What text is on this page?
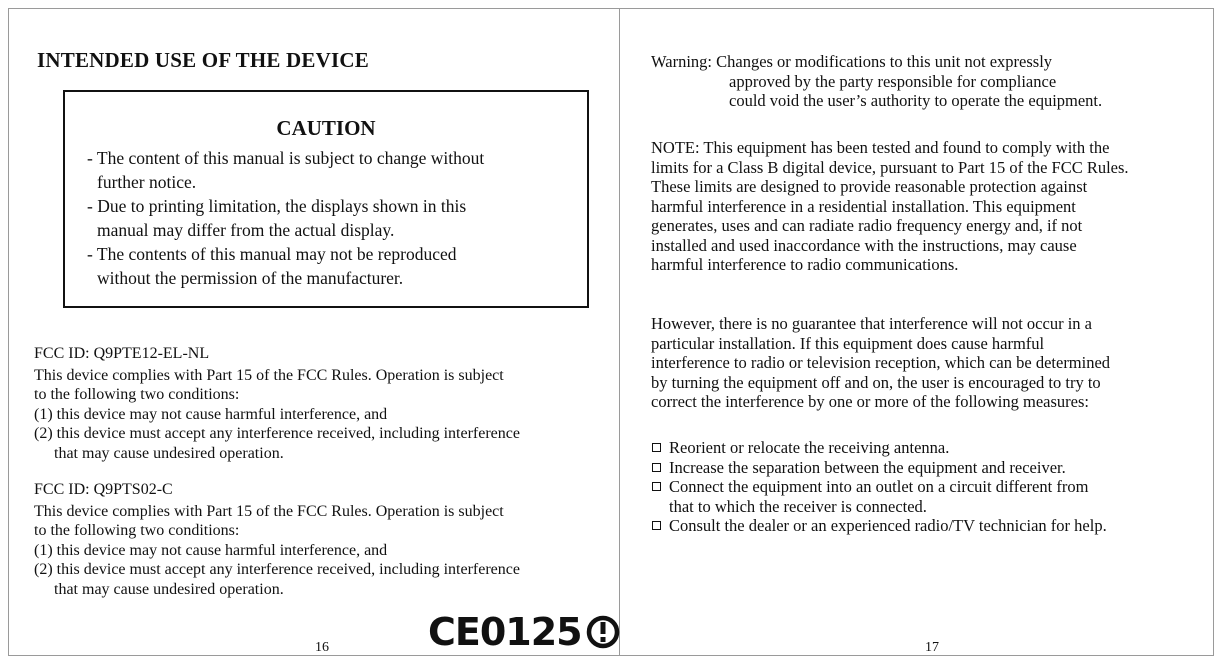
INTENDED USE OF THE DEVICE
CAUTION
- The content of this manual is subject to change without
further notice.
- Due to printing limitation, the displays shown in this
manual may differ from the actual display.
- The contents of this manual may not be reproduced
without the permission of the manufacturer.
FCC ID: Q9PTE12-EL-NL
This device complies with Part 15 of the FCC Rules. Operation is subject
to the following two conditions:
(1) this device may not cause harmful interference, and
(2) this device must accept any interference received, including interference
that may cause undesired operation.
FCC ID: Q9PTS02-C
This device complies with Part 15 of the FCC Rules. Operation is subject
to the following two conditions:
(1) this device may not cause harmful interference, and
(2) this device must accept any interference received, including interference
that may cause undesired operation.
CE0125
16
Warning: Changes or modifications to this unit not expressly
approved by the party responsible for compliance
could void the user’s authority to operate the equipment.
NOTE: This equipment has been tested and found to comply with the
limits for a Class B digital device, pursuant to Part 15 of the FCC Rules.
These limits are designed to provide reasonable protection against
harmful interference in a residential installation. This equipment
generates, uses and can radiate radio frequency energy and, if not
installed and used inaccordance with the instructions, may cause
harmful interference to radio communications.
However, there is no guarantee that interference will not occur in a
particular installation. If this equipment does cause harmful
interference to radio or television reception, which can be determined
by turning the equipment off and on, the user is encouraged to try to
correct the interference by one or more of the following measures:
Reorient or relocate the receiving antenna.
Increase the separation between the equipment and receiver.
Connect the equipment into an outlet on a circuit different from
that to which the receiver is connected.
Consult the dealer or an experienced radio/TV technician for help.
17
